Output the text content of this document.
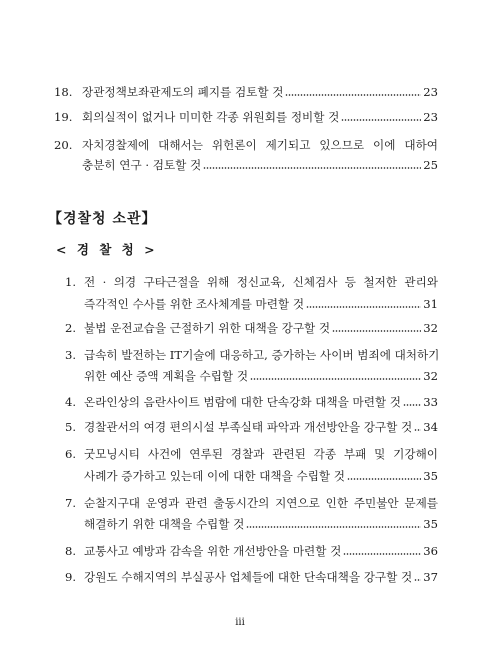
18. 장관정책보좌관제도의 폐지를 검토할 것	23
19. 회의실적이 없거나 미미한 각종 위원회를 정비할 것	23
20. 자치경찰제에 대해서는 위헌론이 제기되고 있으므로 이에 대하여
충분히 연구 · 검토할 것	25
【경찰청 소관】
< 경 찰 청 >
1. 전 · 의경 구타근절을 위해 정신교육, 신체검사 등 철저한 관리와
즉각적인 수사를 위한 조사체계를 마련할 것	31
2. 불법 운전교습을 근절하기 위한 대책을 강구할 것	32
3. 급속히 발전하는 IT기술에 대응하고, 증가하는 사이버 범죄에 대처하기
위한 예산 증액 계획을 수립할 것	32
4. 온라인상의 음란사이트 범람에 대한 단속강화 대책을 마련할 것 33
5. 경찰관서의 여경 편의시설 부족실태 파악과 개선방안을 강구할 것 34
6. 굿모닝시티 사건에 연루된 경찰과 관련된 각종 부패 및 기강해이
사례가 증가하고 있는데 이에 대한 대책을 수립할 것	35
7. 순찰지구대 운영과 관련 출동시간의 지연으로 인한 주민불안 문제를
해결하기 위한 대책을 수립할 것	35
8. 교통사고 예방과 감속을 위한 개선방안을 마련할 것	36
9. 강원도 수해지역의 부실공사 업체들에 대한 단속대책을 강구할 것 37
iii
